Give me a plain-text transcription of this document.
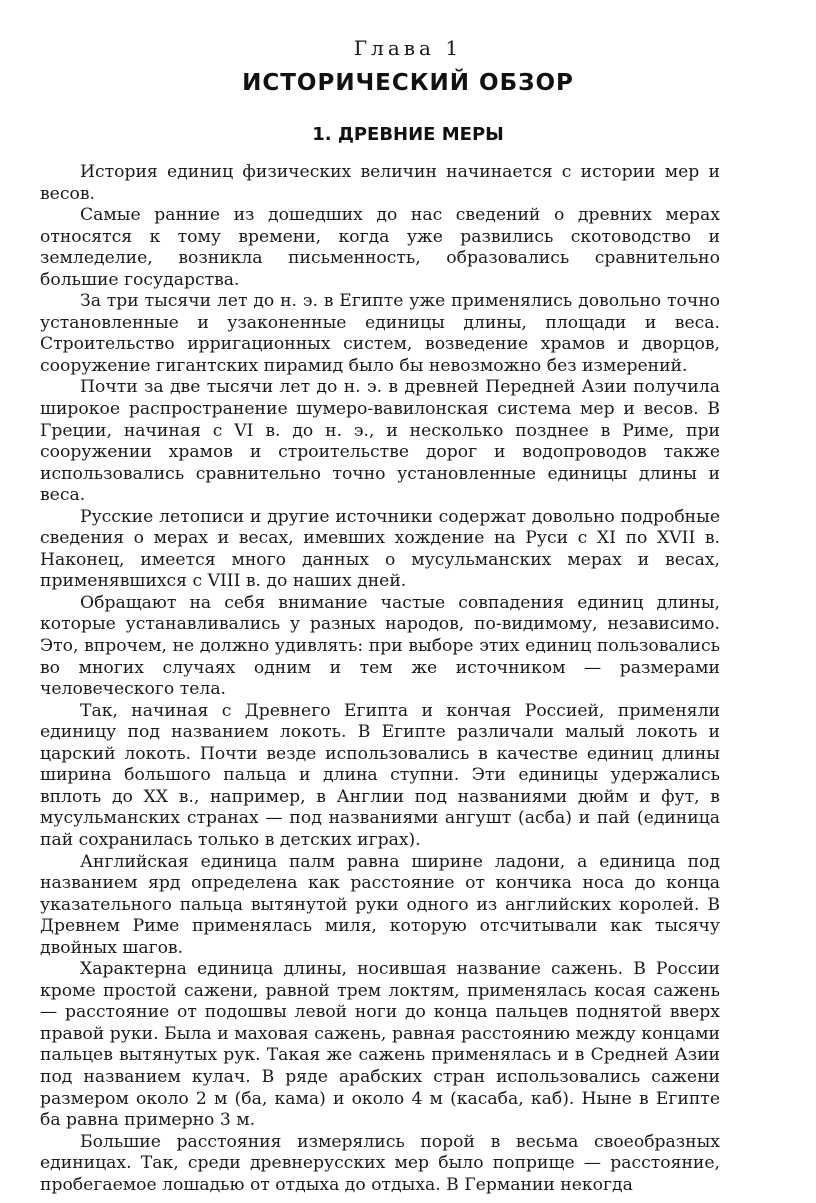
Глава 1
ИСТОРИЧЕСКИЙ ОБЗОР
1. ДРЕВНИЕ МЕРЫ

История единиц физических величин начинается с истории мер и весов.

Самые ранние из дошедших до нас сведений о древних мерах относятся к тому времени, когда уже развились скотоводство и земледелие, возникла письменность, образовались сравнительно большие государства.

За три тысячи лет до н. э. в Египте уже применялись довольно точно установленные и узаконенные единицы длины, площади и веса. Строительство ирригационных систем, возведение храмов и дворцов, сооружение гигантских пирамид было бы невозможно без измерений.

Почти за две тысячи лет до н. э. в древней Передней Азии получила широкое распространение шумеро-вавилонская система мер и весов. В Греции, начиная с VI в. до н. э., и несколько позднее в Риме, при сооружении храмов и строительстве дорог и водопроводов также использовались сравнительно точно установленные единицы длины и веса.

Русские летописи и другие источники содержат довольно подробные сведения о мерах и весах, имевших хождение на Руси с XI по XVII в. Наконец, имеется много данных о мусульманских мерах и весах, применявшихся с VIII в. до наших дней.

Обращают на себя внимание частые совпадения единиц длины, которые устанавливались у разных народов, по-видимому, независимо. Это, впрочем, не должно удивлять: при выборе этих единиц пользовались во многих случаях одним и тем же источником — размерами человеческого тела.

Так, начиная с Древнего Египта и кончая Россией, применяли единицу под названием локоть. В Египте различали малый локоть и царский локоть. Почти везде использовались в качестве единиц длины ширина большого пальца и длина ступни. Эти единицы удержались вплоть до XX в., например, в Англии под названиями дюйм и фут, в мусульманских странах — под названиями ангушт (асба) и пай (единица пай сохранилась только в детских играх).

Английская единица палм равна ширине ладони, а единица под названием ярд определена как расстояние от кончика носа до конца указательного пальца вытянутой руки одного из английских королей. В Древнем Риме применялась миля, которую отсчитывали как тысячу двойных шагов.

Характерна единица длины, носившая название сажень. В России кроме простой сажени, равной трем локтям, применялась косая сажень — расстояние от подошвы левой ноги до конца пальцев поднятой вверх правой руки. Была и маховая сажень, равная расстоянию между концами пальцев вытянутых рук. Такая же сажень применялась и в Средней Азии под названием кулач. В ряде арабских стран использовались сажени размером около 2 м (ба, кама) и около 4 м (касаба, каб). Ныне в Египте ба равна примерно 3 м.

Большие расстояния измерялись порой в весьма своеобразных единицах. Так, среди древнерусских мер было поприще — расстояние, пробегаемое лошадью от отдыха до отдыха. В Германии некогда
